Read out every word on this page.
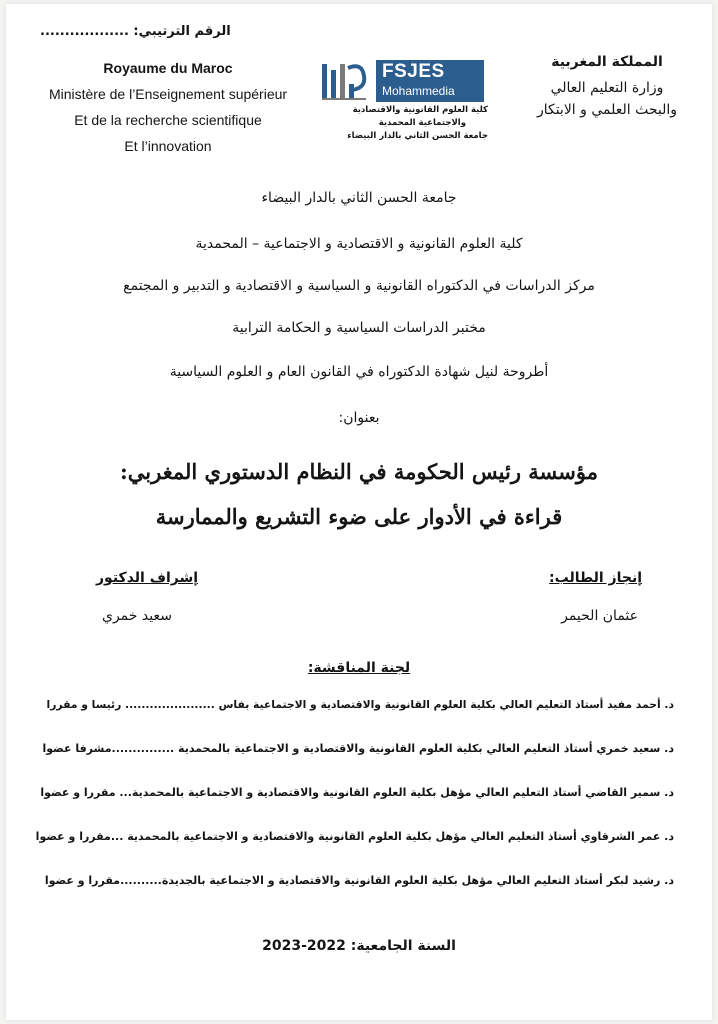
الرقم الترتيبي: ..................
Royaume du Maroc
Ministère de l’Enseignement supérieur
Et de la recherche scientifique
Et l’innovation
المملكة المغربية
وزارة التعليم العالي
والبحث العلمي و الابتكار
FSJES
Mohammedia
كلية العلوم القانونية والاقتصادية
والاجتماعية المحمدية
جامعة الحسن الثاني بالدار البيضاء
جامعة الحسن الثاني بالدار البيضاء
كلية العلوم القانونية و الاقتصادية و الاجتماعية – المحمدية
مركز الدراسات في الدكتوراه القانونية و السياسية و الاقتصادية و التدبير و المجتمع
مختبر الدراسات السياسية و الحكامة الترابية
أطروحة لنيل شهادة الدكتوراه في القانون العام و العلوم السياسية
بعنوان:
مؤسسة رئيس الحكومة في النظام الدستوري المغربي:
قراءة في الأدوار على ضوء التشريع والممارسة
إنجاز الطالب:
عثمان الحيمر
إشراف الدكتور
سعيد خمري
لجنة المناقشة:
د. أحمد مفيد أستاذ التعليم العالي بكلية العلوم القانونية والاقتصادية و الاجتماعية بفاس ...................... رئيسا و مقررا
د. سعيد خمري أستاذ التعليم العالي بكلية العلوم القانونية والاقتصادية و الاجتماعية بالمحمدية ...............مشرفا عضوا
د. سمير القاضي أستاذ التعليم العالي مؤهل بكلية العلوم القانونية والاقتصادية و الاجتماعية بالمحمدية... مقررا و عضوا
د. عمر الشرقاوي أستاذ التعليم العالي مؤهل بكلية العلوم القانونية والاقتصادية و الاجتماعية بالمحمدية ...مقررا و عضوا
د. رشيد لبكر أستاذ التعليم العالي مؤهل بكلية العلوم القانونية والاقتصادية و الاجتماعية بالجديدة..........مقررا و عضوا
السنة الجامعية: 2022-2023
